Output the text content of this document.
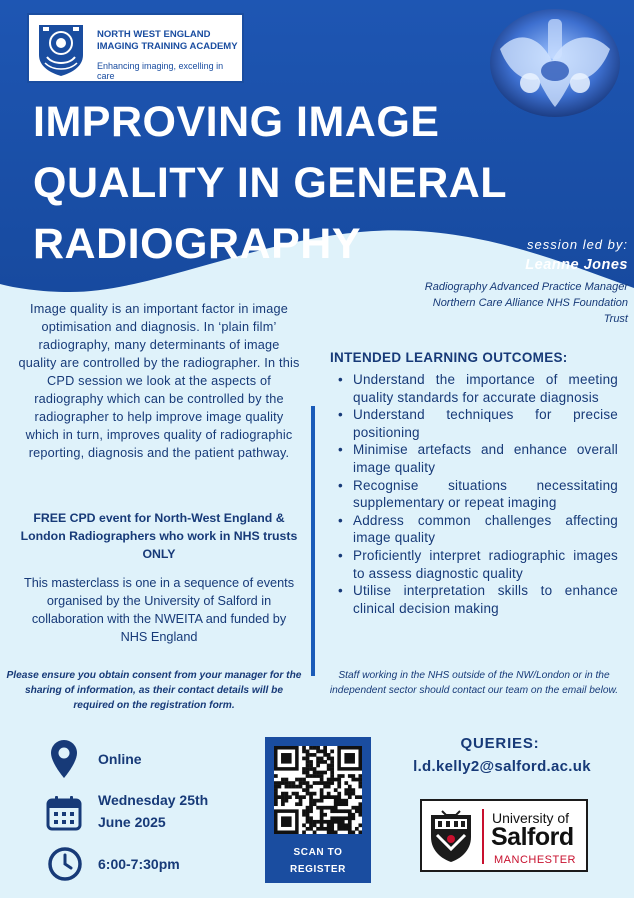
NORTH WEST ENGLAND
IMAGING TRAINING ACADEMY
Enhancing imaging, excelling in care
IMPROVING IMAGE
QUALITY IN GENERAL
RADIOGRAPHY	session led by:
Leanne Jones
Radiography Advanced Practice Manager
Northern Care Alliance NHS Foundation
Trust

Image quality is an important factor in image optimisation and diagnosis. In ‘plain film’ radiography, many determinants of image quality are controlled by the radiographer. In this CPD session we look at the aspects of radiography which can be controlled by the radiographer to help improve image quality which in turn, improves quality of radiographic reporting, diagnosis and the patient pathway.

FREE CPD event for North-West England & London Radiographers who work in NHS trusts ONLY

This masterclass is one in a sequence of events organised by the University of Salford in collaboration with the NWEITA and funded by NHS England

INTENDED LEARNING OUTCOMES:
• Understand the importance of meeting quality standards for accurate diagnosis
• Understand techniques for precise positioning
• Minimise artefacts and enhance overall image quality
• Recognise situations necessitating supplementary or repeat imaging
• Address common challenges affecting image quality
• Proficiently interpret radiographic images to assess diagnostic quality
• Utilise interpretation skills to enhance clinical decision making

Please ensure you obtain consent from your manager for the sharing of information, as their contact details will be required on the registration form.

Staff working in the NHS outside of the NW/London or in the independent sector should contact our team on the email below.

Online
Wednesday 25th
June 2025
6:00-7:30pm
SCAN TO
REGISTER
QUERIES:
l.d.kelly2@salford.ac.uk
University of
Salford
MANCHESTER
